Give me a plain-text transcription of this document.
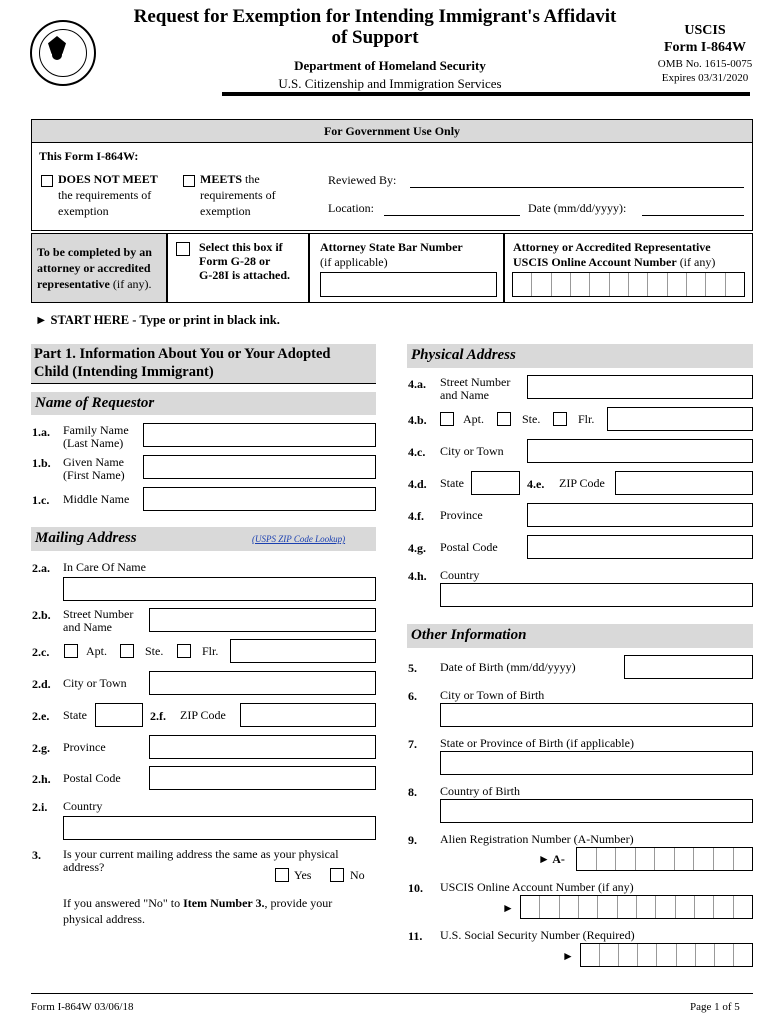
Request for Exemption for Intending Immigrant's Affidavit
of Support
Department of Homeland Security
U.S. Citizenship and Immigration Services
USCIS
Form I-864W
OMB No. 1615-0075
Expires 03/31/2020
For Government Use Only
This Form I-864W:
DOES NOT MEET
the requirements of
exemption
MEETS the
requirements of
exemption
Reviewed By:
Location:	Date (mm/dd/yyyy):
To be completed by an
attorney or accredited
representative (if any).
Select this box if
Form G-28 or
G-28I is attached.
Attorney State Bar Number
(if applicable)
Attorney or Accredited Representative
USCIS Online Account Number (if any)
► START HERE - Type or print in black ink.
Part 1. Information About You or Your Adopted
Child (Intending Immigrant)
Name of Requestor
1.a. Family Name
(Last Name)
1.b. Given Name
(First Name)
1.c. Middle Name
Mailing Address	(USPS ZIP Code Lookup)
2.a. In Care Of Name
2.b. Street Number
and Name
2.c.	Apt.	Ste.	Flr.
2.d. City or Town
2.e. State	2.f. ZIP Code
2.g. Province
2.h. Postal Code
2.i. Country
3. Is your current mailing address the same as your physical
address?
Yes	No
If you answered "No" to Item Number 3., provide your
physical address.
Physical Address
4.a. Street Number
and Name
4.b.	Apt.	Ste.	Flr.
4.c. City or Town
4.d. State	4.e. ZIP Code
4.f. Province
4.g. Postal Code
4.h. Country
Other Information
5. Date of Birth (mm/dd/yyyy)
6. City or Town of Birth
7. State or Province of Birth (if applicable)
8. Country of Birth
9. Alien Registration Number (A-Number)
► A-
10. USCIS Online Account Number (if any)
►
11. U.S. Social Security Number (Required)
►
Form I-864W 03/06/18	Page 1 of 5
